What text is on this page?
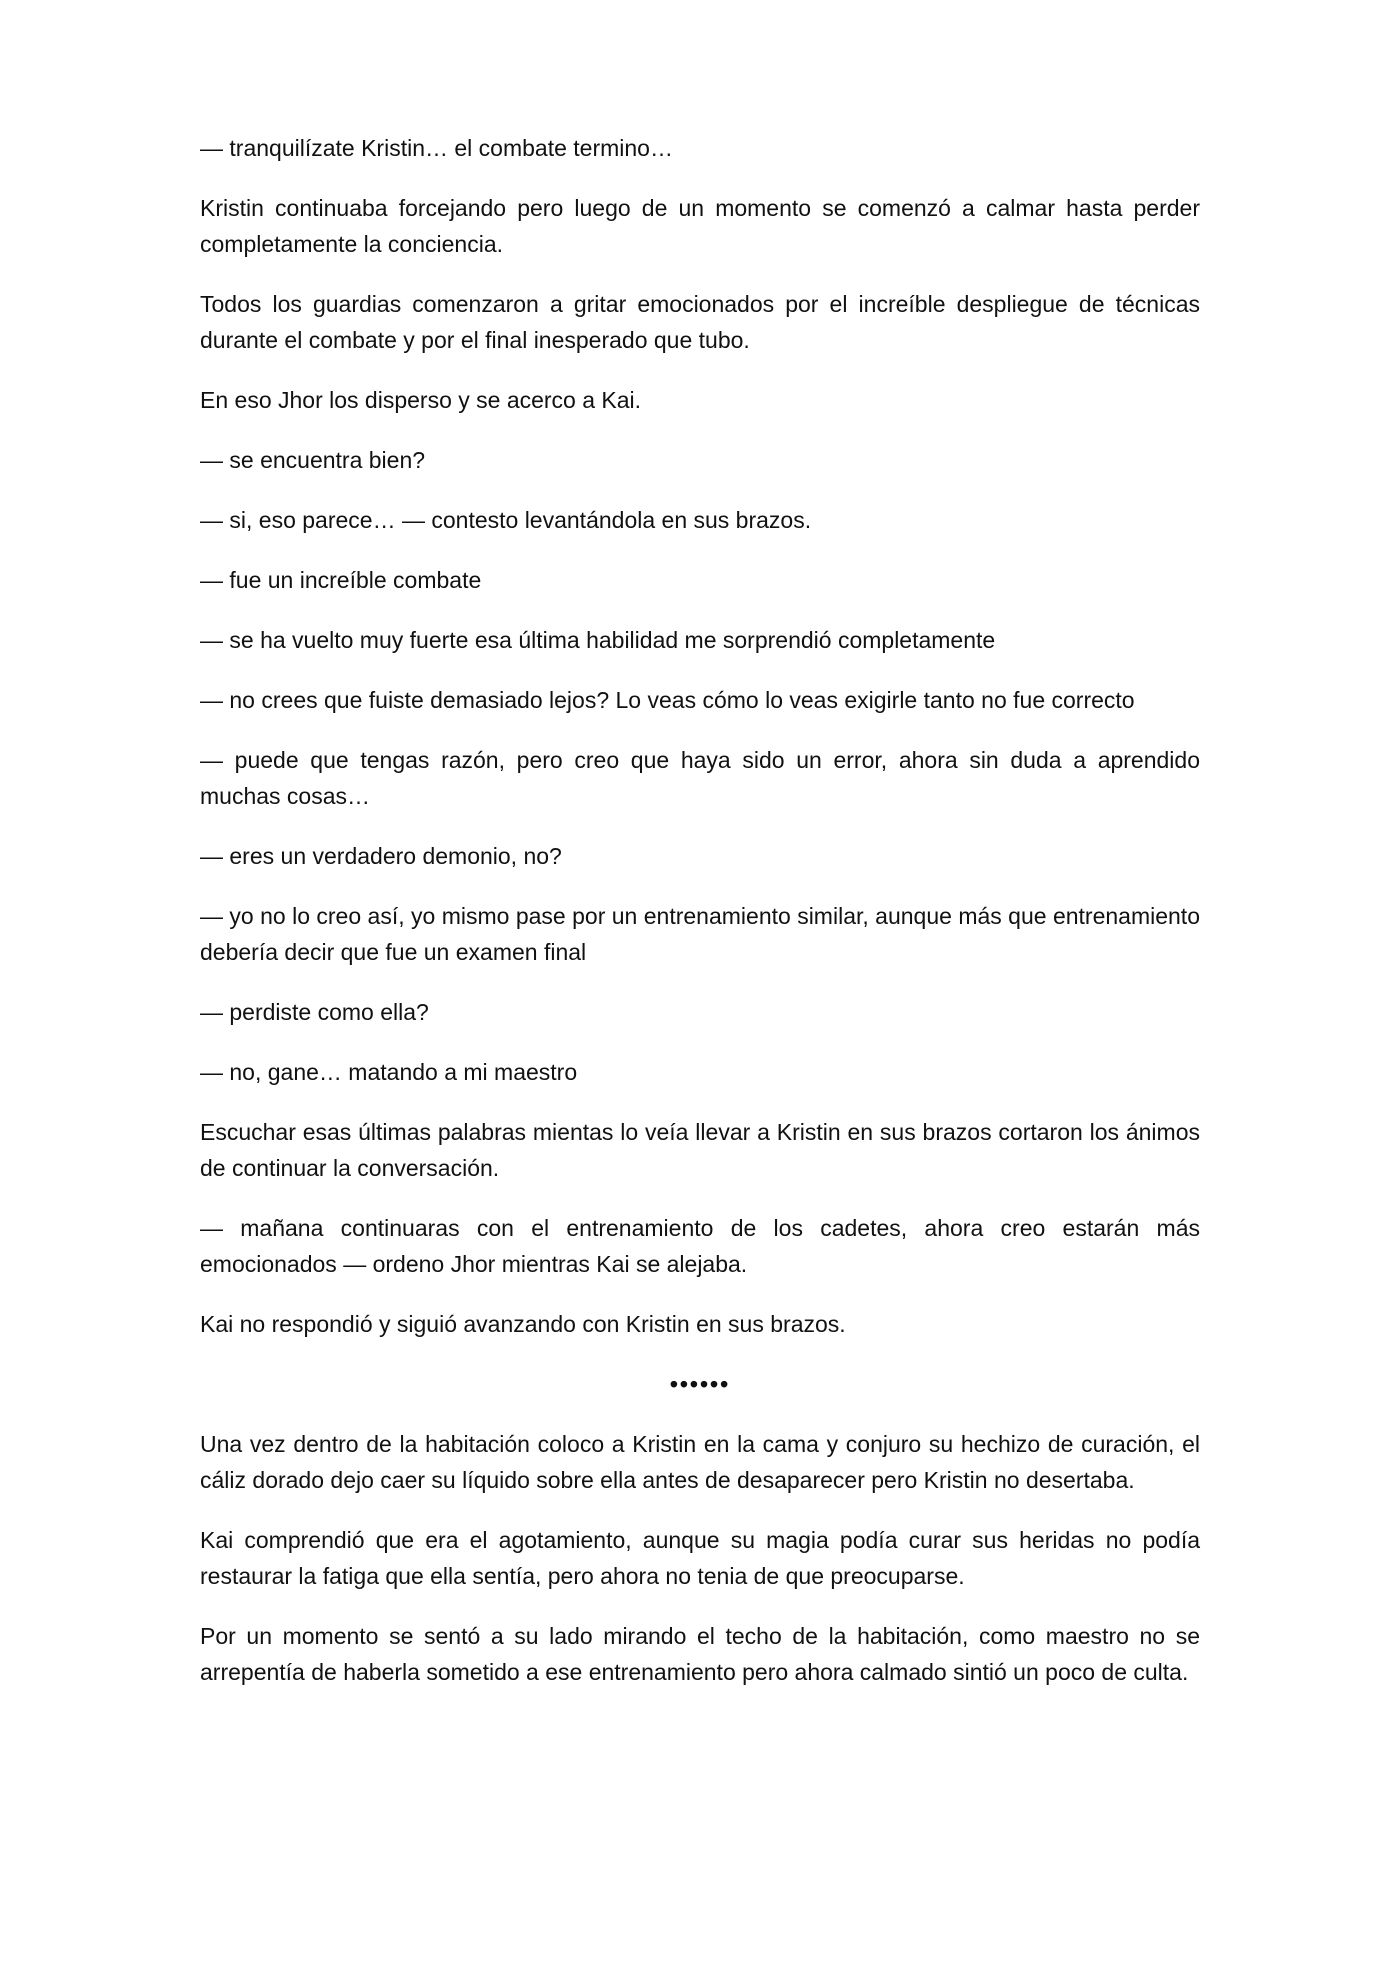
— tranquilízate Kristin… el combate termino…

Kristin continuaba forcejando pero luego de un momento se comenzó a calmar hasta perder completamente la conciencia.

Todos los guardias comenzaron a gritar emocionados por el increíble despliegue de técnicas durante el combate y por el final inesperado que tubo.

En eso Jhor los disperso y se acerco a Kai.

— se encuentra bien?

— si, eso parece… — contesto levantándola en sus brazos.

— fue un increíble combate

— se ha vuelto muy fuerte esa última habilidad me sorprendió completamente

— no crees que fuiste demasiado lejos? Lo veas cómo lo veas exigirle tanto no fue correcto

— puede que tengas razón, pero creo que haya sido un error, ahora sin duda a aprendido muchas cosas…

— eres un verdadero demonio, no?

— yo no lo creo así, yo mismo pase por un entrenamiento similar, aunque más que entrenamiento debería decir que fue un examen final

— perdiste como ella?

— no, gane… matando a mi maestro

Escuchar esas últimas palabras mientas lo veía llevar a Kristin en sus brazos cortaron los ánimos de continuar la conversación.

— mañana continuaras con el entrenamiento de los cadetes, ahora creo estarán más emocionados — ordeno Jhor mientras Kai se alejaba.

Kai no respondió y siguió avanzando con Kristin en sus brazos.

••••••

Una vez dentro de la habitación coloco a Kristin en la cama y conjuro su hechizo de curación, el cáliz dorado dejo caer su líquido sobre ella antes de desaparecer pero Kristin no desertaba.

Kai comprendió que era el agotamiento, aunque su magia podía curar sus heridas no podía restaurar la fatiga que ella sentía, pero ahora no tenia de que preocuparse.

Por un momento se sentó a su lado mirando el techo de la habitación, como maestro no se arrepentía de haberla sometido a ese entrenamiento pero ahora calmado sintió un poco de culta.
